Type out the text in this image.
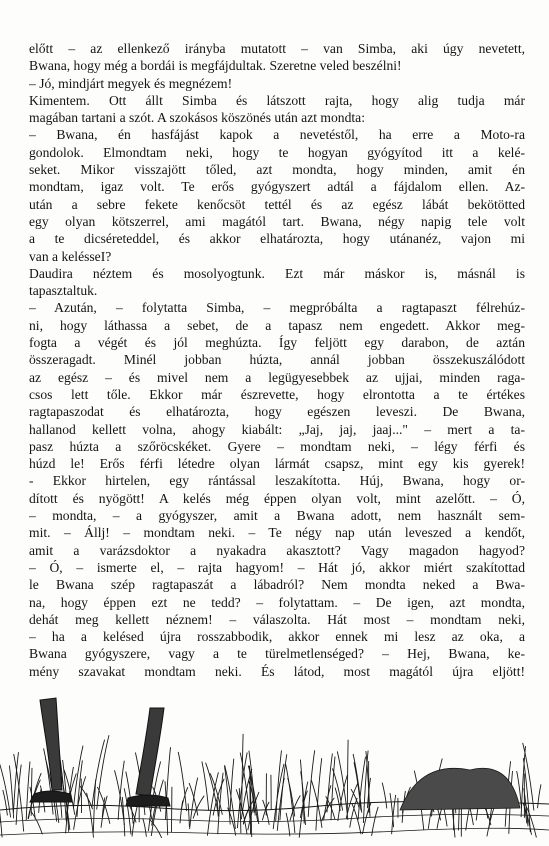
előtt – az ellenkező irányba mutatott – van Simba, aki úgy nevetett,
Bwana, hogy még a bordái is megfájdultak. Szeretne veled beszélni!
– Jó, mindjárt megyek és megnézem!
Kimentem. Ott állt Simba és látszott rajta, hogy alig tudja már
magában tartani a szót. A szokásos köszönés után azt mondta:
– Bwana, én hasfájást kapok a nevetéstől, ha erre a Moto-ra
gondolok. Elmondtam neki, hogy te hogyan gyógyítod itt a kelé-
seket. Mikor visszajött tőled, azt mondta, hogy minden, amit én
mondtam, igaz volt. Te erős gyógyszert adtál a fájdalom ellen. Az-
után a sebre fekete kenőcsöt tettél és az egész lábát bekötötted
egy olyan kötszerrel, ami magától tart. Bwana, négy napig tele volt
a te dicséreteddel, és akkor elhatározta, hogy utánanéz, vajon mi
van a kelésseI?
Daudira néztem és mosolyogtunk. Ezt már máskor is, másnál is
tapasztaltuk.
– Azután, – folytatta Simba, – megpróbálta a ragtapaszt félrehúz-
ni, hogy láthassa a sebet, de a tapasz nem engedett. Akkor meg-
fogta a végét és jól meghúzta. Így feljött egy darabon, de aztán
összeragadt. Minél jobban húzta, annál jobban összekuszálódott
az egész – és mivel nem a legügyesebbek az ujjai, minden raga-
csos lett tőle. Ekkor már észrevette, hogy elrontotta a te értékes
ragtapaszodat és elhatározta, hogy egészen leveszi. De Bwana,
hallanod kellett volna, ahogy kiabált: „Jaj, jaj, jaaj..." – mert a ta-
pasz húzta a szőröcskéket. Gyere – mondtam neki, – légy férfi és
húzd le! Erős férfi létedre olyan lármát csapsz, mint egy kis gyerek!
- Ekkor hirtelen, egy rántással leszakította. Húj, Bwana, hogy or-
dított és nyögött! A kelés még éppen olyan volt, mint azelőtt. – Ó,
– mondta, – a gyógyszer, amit a Bwana adott, nem használt sem-
mit. – Állj! – mondtam neki. – Te négy nap után leveszed a kendőt,
amit a varázsdoktor a nyakadra akasztott? Vagy magadon hagyod?
– Ó, – ismerte el, – rajta hagyom! – Hát jó, akkor miért szakítottad
le Bwana szép ragtapaszát a lábadról? Nem mondta neked a Bwa-
na, hogy éppen ezt ne tedd? – folytattam. – De igen, azt mondta,
dehát meg kellett néznem! – válaszolta. Hát most – mondtam neki,
– ha a kelésed újra rosszabbodik, akkor ennek mi lesz az oka, a
Bwana gyógyszere, vagy a te türelmetlenséged? – Hej, Bwana, ke-
mény szavakat mondtam neki. És látod, most magától újra eljött!
